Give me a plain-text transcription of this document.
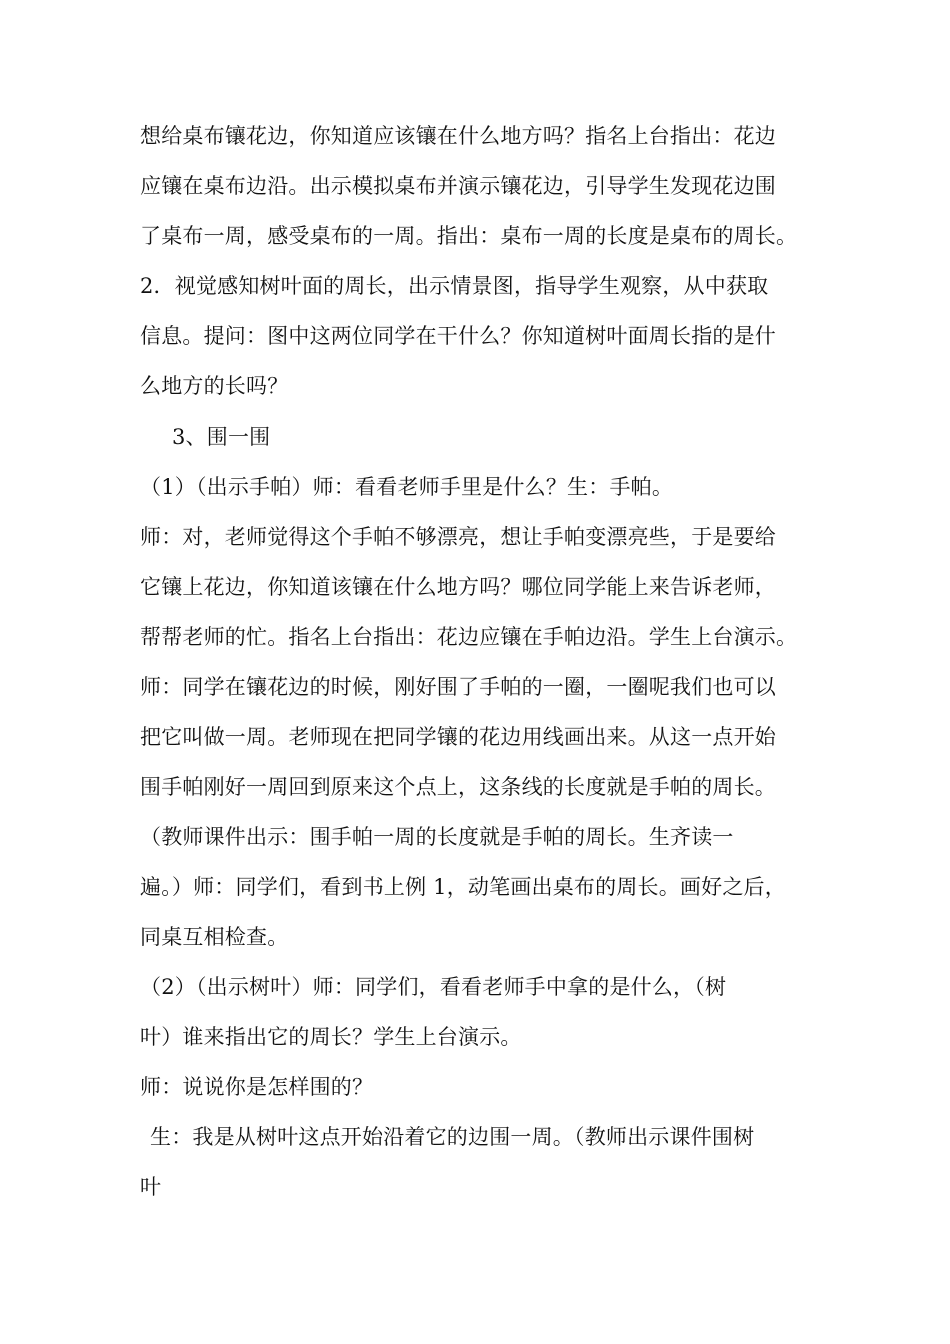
想给桌布镶花边，你知道应该镶在什么地方吗？指名上台指出：花边
应镶在桌布边沿。出示模拟桌布并演示镶花边，引导学生发现花边围
了桌布一周，感受桌布的一周。指出：桌布一周的长度是桌布的周长。
2．视觉感知树叶面的周长，出示情景图，指导学生观察，从中获取
信息。提问：图中这两位同学在干什么？你知道树叶面周长指的是什
么地方的长吗？
3、围一围
（1）（出示手帕）师：看看老师手里是什么？生：手帕。
师：对，老师觉得这个手帕不够漂亮，想让手帕变漂亮些，于是要给
它镶上花边，你知道该镶在什么地方吗？哪位同学能上来告诉老师，
帮帮老师的忙。指名上台指出：花边应镶在手帕边沿。学生上台演示。
师：同学在镶花边的时候，刚好围了手帕的一圈，一圈呢我们也可以
把它叫做一周。老师现在把同学镶的花边用线画出来。从这一点开始
围手帕刚好一周回到原来这个点上，这条线的长度就是手帕的周长。
（教师课件出示：围手帕一周的长度就是手帕的周长。生齐读一
遍。）师：同学们，看到书上例 1，动笔画出桌布的周长。画好之后，
同桌互相检查。
（2）（出示树叶）师：同学们，看看老师手中拿的是什么，（树
叶）谁来指出它的周长？学生上台演示。
师：说说你是怎样围的？
生：我是从树叶这点开始沿着它的边围一周。（教师出示课件围树
叶
